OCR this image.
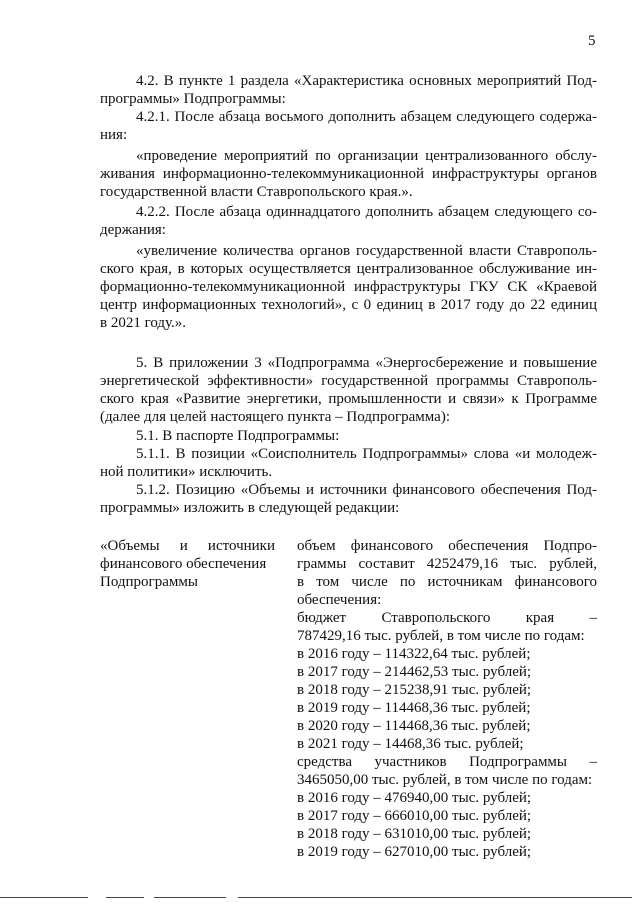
5
4.2. В пункте 1 раздела «Характеристика основных мероприятий Под-
программы» Подпрограммы:
4.2.1. После абзаца восьмого дополнить абзацем следующего содержа-
ния:
«проведение мероприятий по организации централизованного обслу-
живания информационно-телекоммуникационной инфраструктуры органов
государственной власти Ставропольского края.».
4.2.2. После абзаца одиннадцатого дополнить абзацем следующего со-
держания:
«увеличение количества органов государственной власти Ставрополь-
ского края, в которых осуществляется централизованное обслуживание ин-
формационно-телекоммуникационной инфраструктуры ГКУ СК «Краевой
центр информационных технологий», с 0 единиц в 2017 году до 22 единиц
в 2021 году.».
5. В приложении 3 «Подпрограмма «Энергосбережение и повышение
энергетической эффективности» государственной программы Ставрополь-
ского края «Развитие энергетики, промышленности и связи» к Программе
(далее для целей настоящего пункта – Подпрограмма):
5.1. В паспорте Подпрограммы:
5.1.1. В позиции «Соисполнитель Подпрограммы» слова «и молодеж-
ной политики» исключить.
5.1.2. Позицию «Объемы и источники финансового обеспечения Под-
программы» изложить в следующей редакции:
«Объемы и источники
финансового обеспечения
Подпрограммы
объем финансового обеспечения Подпро-
граммы составит 4252479,16 тыс. рублей,
в том числе по источникам финансового
обеспечения:
бюджет Ставропольского края –
787429,16 тыс. рублей, в том числе по годам:
в 2016 году – 114322,64 тыс. рублей;
в 2017 году – 214462,53 тыс. рублей;
в 2018 году – 215238,91 тыс. рублей;
в 2019 году – 114468,36 тыс. рублей;
в 2020 году – 114468,36 тыс. рублей;
в 2021 году – 14468,36 тыс. рублей;
средства участников Подпрограммы –
3465050,00 тыс. рублей, в том числе по годам:
в 2016 году – 476940,00 тыс. рублей;
в 2017 году – 666010,00 тыс. рублей;
в 2018 году – 631010,00 тыс. рублей;
в 2019 году – 627010,00 тыс. рублей;
